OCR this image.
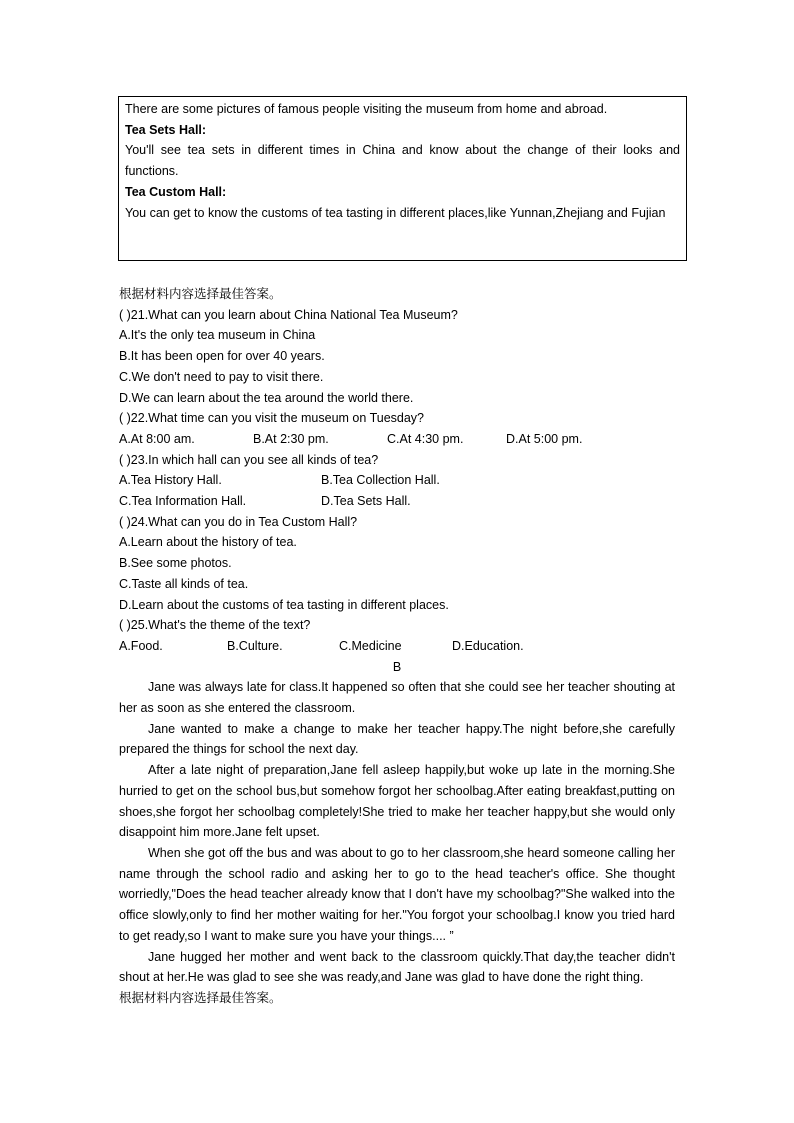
There are some pictures of famous people visiting the museum from home and abroad.
Tea Sets Hall:
You'll see tea sets in different times in China and know about the change of their looks and functions.
Tea Custom Hall:
You can get to know the customs of tea tasting in different places,like Yunnan,Zhejiang and Fujian
根据材料内容选择最佳答案。
( )21.What can you learn about China National Tea Museum?
A.It's the only tea museum in China
B.It has been open for over 40 years.
C.We don't need to pay to visit there.
D.We can learn about the tea around the world there.
( )22.What time can you visit the museum on Tuesday?
A.At 8:00 am.	B.At 2:30 pm.	C.At 4:30 pm.	D.At 5:00 pm.
( )23.In which hall can you see all kinds of tea?
A.Tea History Hall.	B.Tea Collection Hall.
C.Tea Information Hall.	D.Tea Sets Hall.
( )24.What can you do in Tea Custom Hall?
A.Learn about the history of tea.
B.See some photos.
C.Taste all kinds of tea.
D.Learn about the customs of tea tasting in different places.
( )25.What's the theme of the text?
A.Food.	B.Culture.	C.Medicine	D.Education.
B
Jane was always late for class.It happened so often that she could see her teacher shouting at her as soon as she entered the classroom.
Jane wanted to make a change to make her teacher happy.The night before,she carefully prepared the things for school the next day.
After a late night of preparation,Jane fell asleep happily,but woke up late in the morning.She hurried to get on the school bus,but somehow forgot her schoolbag.After eating breakfast,putting on shoes,she forgot her schoolbag completely!She tried to make her teacher happy,but she would only disappoint him more.Jane felt upset.
When she got off the bus and was about to go to her classroom,she heard someone calling her name through the school radio and asking her to go to the head teacher's office. She thought worriedly,"Does the head teacher already know that I don't have my schoolbag?"She walked into the office slowly,only to find her mother waiting for her."You forgot your schoolbag.I know you tried hard to get ready,so I want to make sure you have your things.... ”
Jane hugged her mother and went back to the classroom quickly.That day,the teacher didn't shout at her.He was glad to see she was ready,and Jane was glad to have done the right thing.
根据材料内容选择最佳答案。
